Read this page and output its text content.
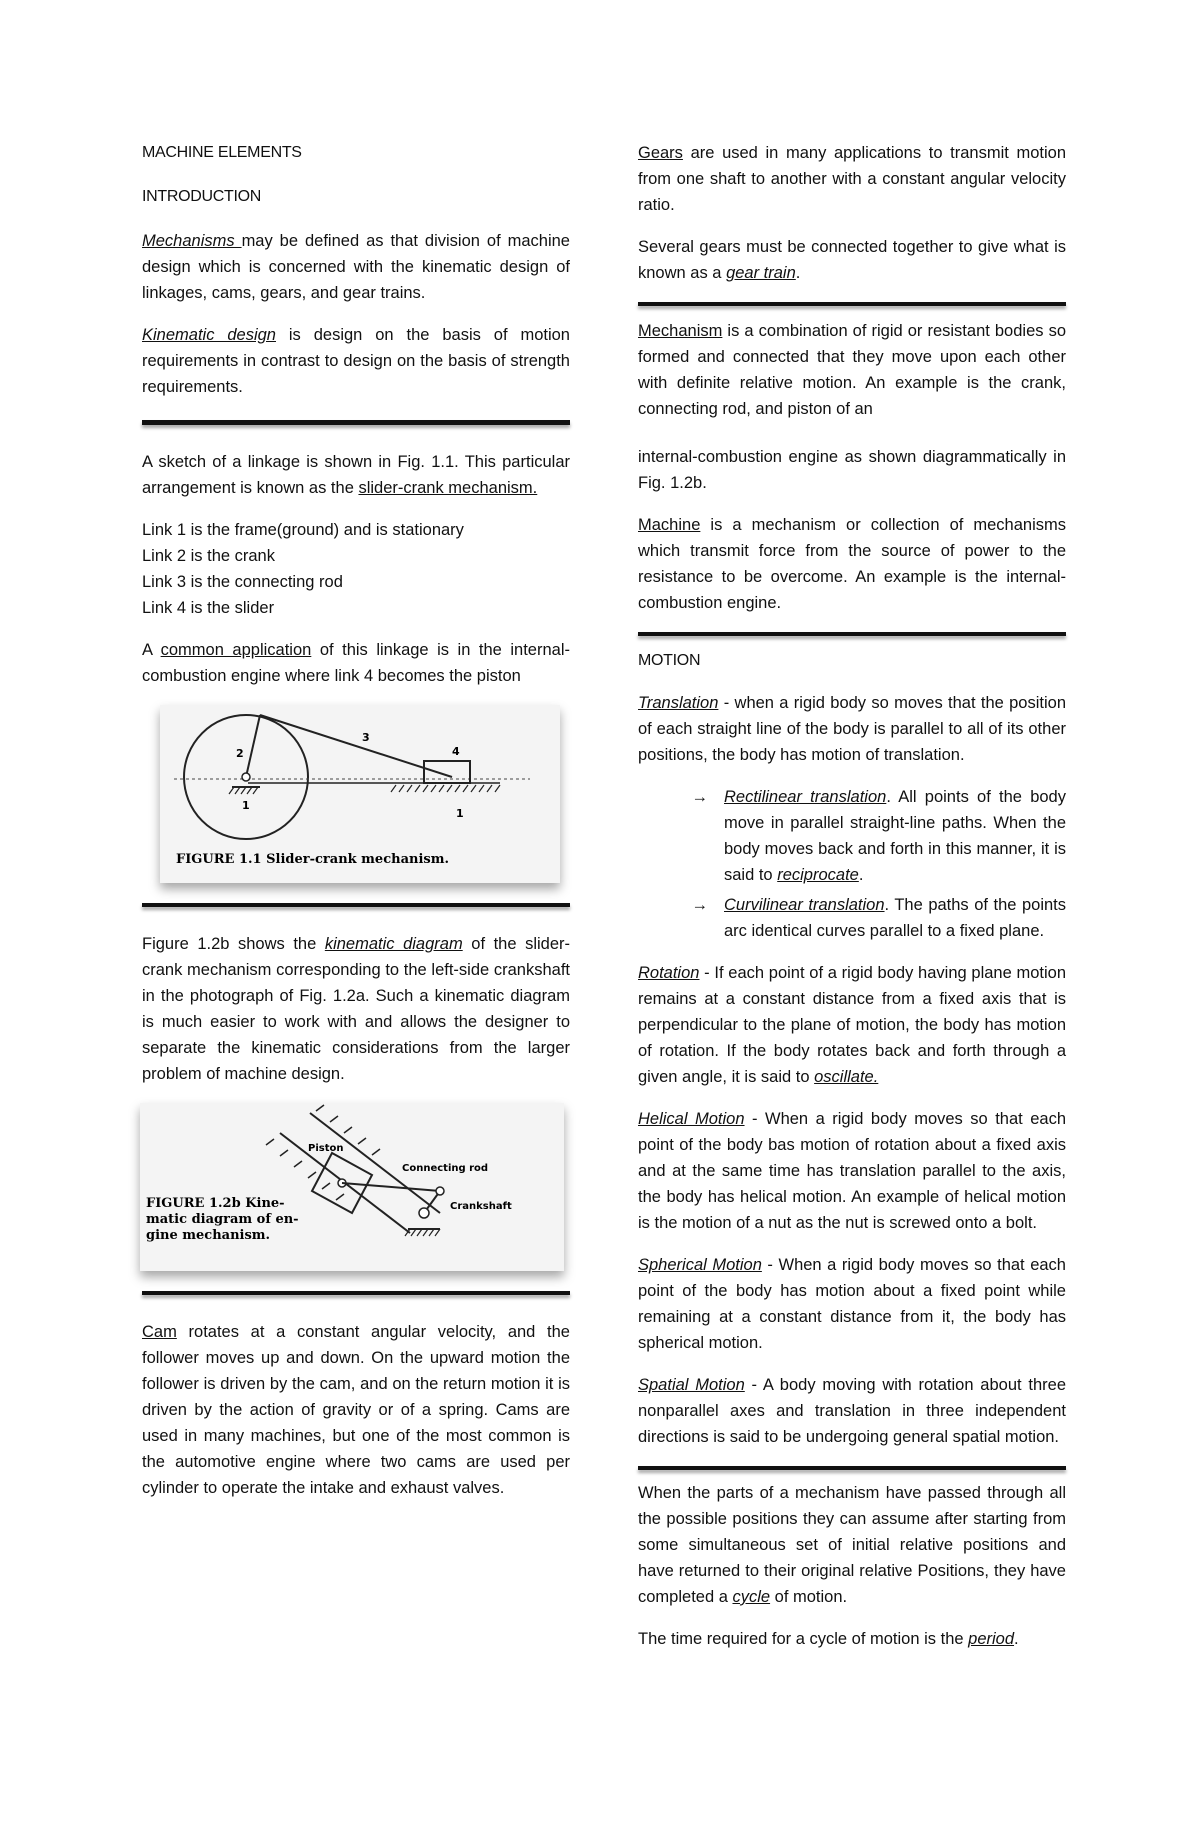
MACHINE ELEMENTS
INTRODUCTION

Mechanisms may be defined as that division of machine design which is concerned with the kinematic design of linkages, cams, gears, and gear trains.

Kinematic design is design on the basis of motion requirements in contrast to design on the basis of strength requirements.

A sketch of a linkage is shown in Fig. 1.1. This particular arrangement is known as the slider-crank mechanism.

Link 1 is the frame(ground) and is stationary
Link 2 is the crank
Link 3 is the connecting rod
Link 4 is the slider

A common application of this linkage is in the internal-combustion engine where link 4 becomes the piston

2
3
4
1
1
FIGURE 1.1 Slider-crank mechanism.

Figure 1.2b shows the kinematic diagram of the slider-crank mechanism corresponding to the left-side crankshaft in the photograph of Fig. 1.2a. Such a kinematic diagram is much easier to work with and allows the designer to separate the kinematic considerations from the larger problem of machine design.

Piston
Connecting rod
Crankshaft
FIGURE 1.2b Kine-
matic diagram of en-
gine mechanism.

Cam rotates at a constant angular velocity, and the follower moves up and down. On the upward motion the follower is driven by the cam, and on the return motion it is driven by the action of gravity or of a spring. Cams are used in many machines, but one of the most common is the automotive engine where two cams are used per cylinder to operate the intake and exhaust valves.

Gears are used in many applications to transmit motion from one shaft to another with a constant angular velocity ratio.

Several gears must be connected together to give what is known as a gear train.

Mechanism is a combination of rigid or resistant bodies so formed and connected that they move upon each other with definite relative motion. An example is the crank, connecting rod, and piston of an

internal-combustion engine as shown diagrammatically in Fig. 1.2b.

Machine is a mechanism or collection of mechanisms which transmit force from the source of power to the resistance to be overcome. An example is the internal-combustion engine.

MOTION

Translation - when a rigid body so moves that the position of each straight line of the body is parallel to all of its other positions, the body has motion of translation.

→ Rectilinear translation. All points of the body move in parallel straight-line paths. When the body moves back and forth in this manner, it is said to reciprocate.
→ Curvilinear translation. The paths of the points arc identical curves parallel to a fixed plane.

Rotation - If each point of a rigid body having plane motion remains at a constant distance from a fixed axis that is perpendicular to the plane of motion, the body has motion of rotation. If the body rotates back and forth through a given angle, it is said to oscillate.

Helical Motion - When a rigid body moves so that each point of the body bas motion of rotation about a fixed axis and at the same time has translation parallel to the axis, the body has helical motion. An example of helical motion is the motion of a nut as the nut is screwed onto a bolt.

Spherical Motion - When a rigid body moves so that each point of the body has motion about a fixed point while remaining at a constant distance from it, the body has spherical motion.

Spatial Motion - A body moving with rotation about three nonparallel axes and translation in three independent directions is said to be undergoing general spatial motion.

When the parts of a mechanism have passed through all the possible positions they can assume after starting from some simultaneous set of initial relative positions and have returned to their original relative Positions, they have completed a cycle of motion.

The time required for a cycle of motion is the period.
